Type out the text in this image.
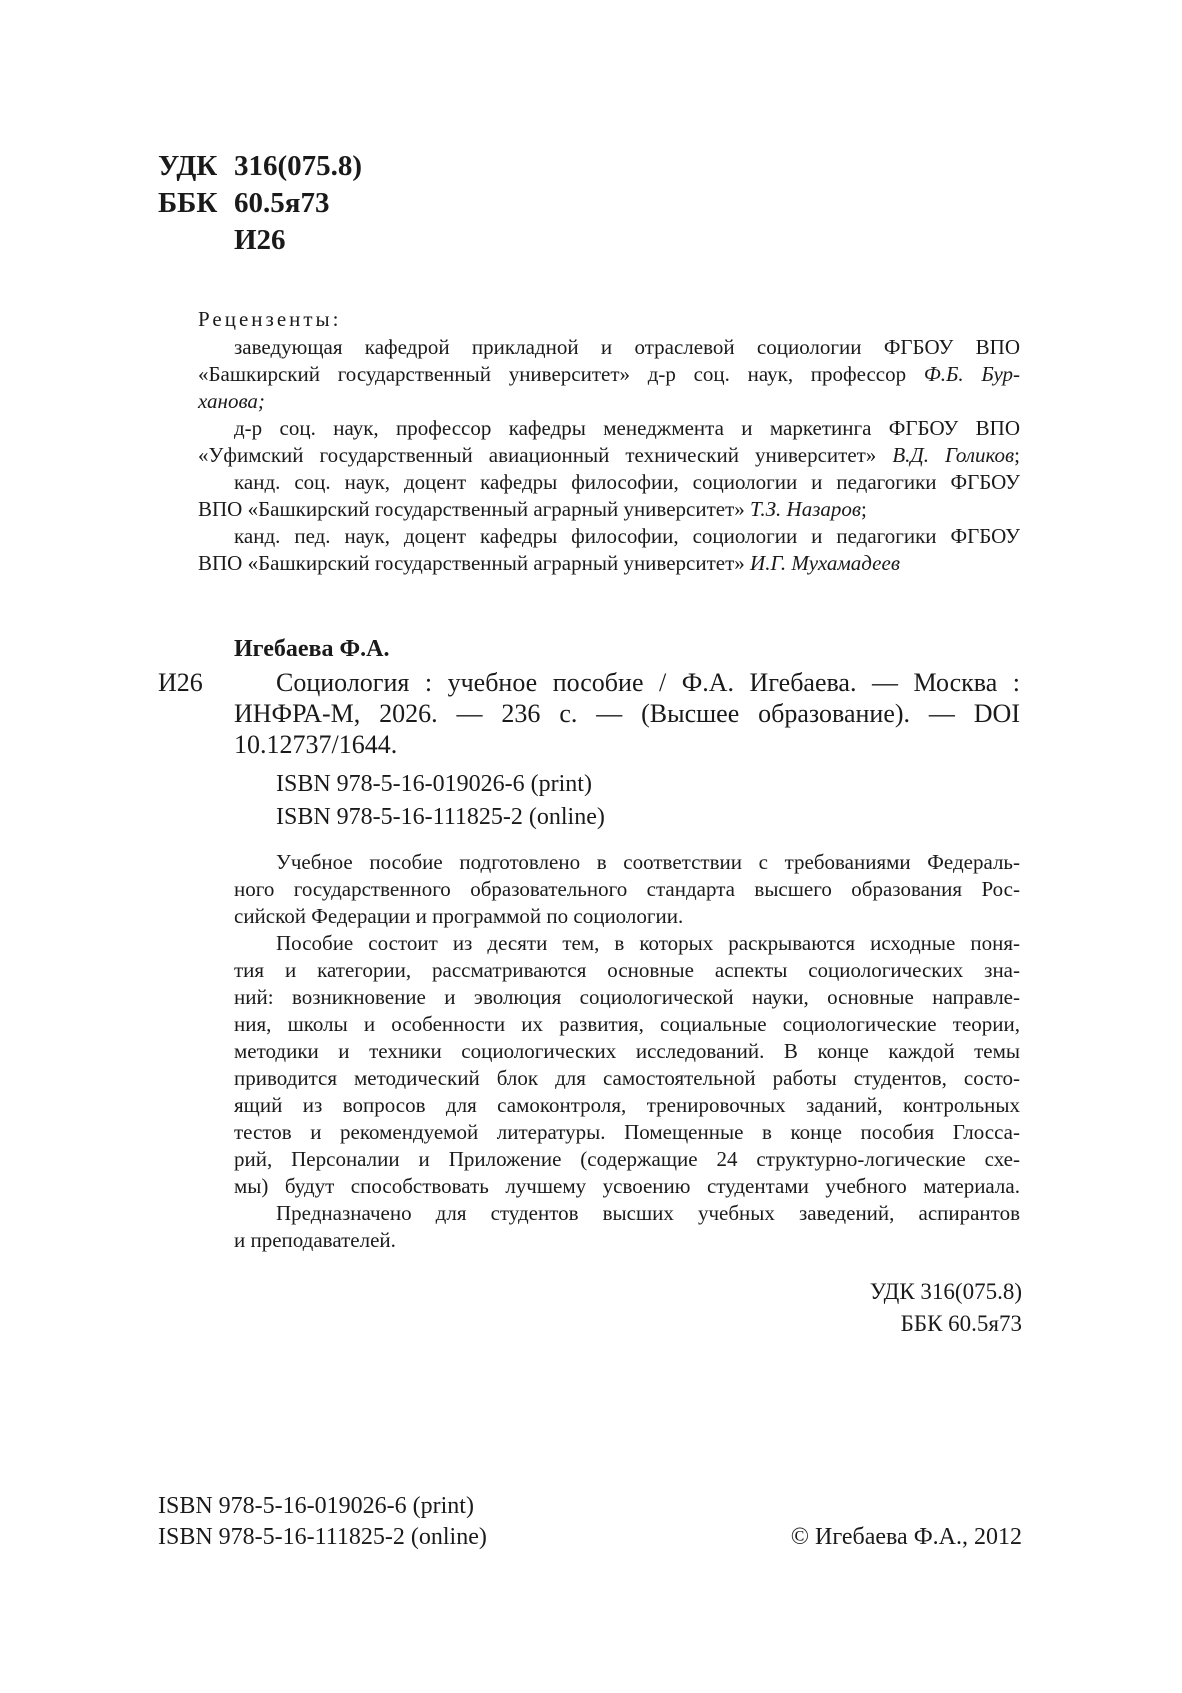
УДК 316(075.8)
ББК 60.5я73
И26
Рецензенты:
заведующая кафедрой прикладной и отраслевой социологии ФГБОУ ВПО
«Башкирский государственный университет» д-р соц. наук, профессор Ф.Б. Бур-
ханова;
д-р соц. наук, профессор кафедры менеджмента и маркетинга ФГБОУ ВПО
«Уфимский государственный авиационный технический университет» В.Д. Голиков;
канд. соц. наук, доцент кафедры философии, социологии и педагогики ФГБОУ
ВПО «Башкирский государственный аграрный университет» Т.З. Назаров;
канд. пед. наук, доцент кафедры философии, социологии и педагогики ФГБОУ
ВПО «Башкирский государственный аграрный университет» И.Г. Мухамадеев
Игебаева Ф.А.
И26	Социология : учебное пособие / Ф.А. Игебаева. — Москва :
ИНФРА-М, 2026. — 236 с. — (Высшее образование). — DOI
10.12737/1644.
ISBN 978-5-16-019026-6 (print)
ISBN 978-5-16-111825-2 (online)
Учебное пособие подготовлено в соответствии с требованиями Федераль-
ного государственного образовательного стандарта высшего образования Рос-
сийской Федерации и программой по социологии.
Пособие состоит из десяти тем, в которых раскрываются исходные поня-
тия и категории, рассматриваются основные аспекты социологических зна-
ний: возникновение и эволюция социологической науки, основные направле-
ния, школы и особенности их развития, социальные социологические теории,
методики и техники социологических исследований. В конце каждой темы
приводится методический блок для самостоятельной работы студентов, состо-
ящий из вопросов для самоконтроля, тренировочных заданий, контрольных
тестов и рекомендуемой литературы. Помещенные в конце пособия Глосса-
рий, Персоналии и Приложение (содержащие 24 структурно-логические схе-
мы) будут способствовать лучшему усвоению студентами учебного материала.
Предназначено для студентов высших учебных заведений, аспирантов
и преподавателей.
УДК 316(075.8)
ББК 60.5я73
ISBN 978-5-16-019026-6 (print)
ISBN 978-5-16-111825-2 (online)	© Игебаева Ф.А., 2012
